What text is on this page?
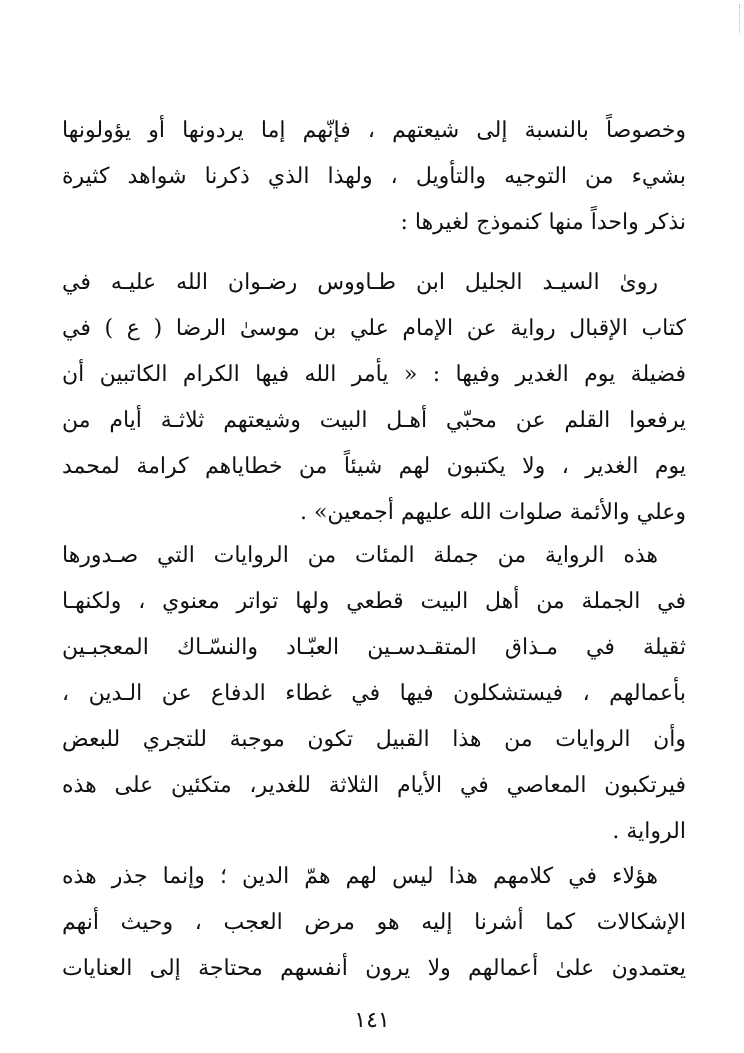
وخصوصاً بالنسبة إلى شيعتهم ، فإنّهم إما يردونها أو يؤولونها
بشيء من التوجيه والتأويل ، ولهذا الذي ذكرنا شواهد كثيرة
نذكر واحداً منها كنموذج لغيرها :
روىٰ السيـد الجليل ابن طـاووس رضـوان الله عليـه في
كتاب الإقبال رواية عن الإمام علي بن موسىٰ الرضا ( ع ) في
فضيلة يوم الغدير وفيها : « يأمر الله فيها الكرام الكاتبين أن
يرفعوا القلم عن محبّي أهـل البيت وشيعتهم ثلاثـة أيام من
يوم الغدير ، ولا يكتبون لهم شيئاً من خطاياهم كرامة لمحمد
وعلي والأئمة صلوات الله عليهم أجمعين» .
هذه الرواية من جملة المئات من الروايات التي صـدورها
في الجملة من أهل البيت قطعي ولها تواتر معنوي ، ولكنهـا
ثقيلة في مـذاق المتقـدسـين العبّـاد والنسّـاك المعجبـين
بأعمالهم ، فيستشكلون فيها في غطاء الدفاع عن الـدين ،
وأن الروايات من هذا القبيل تكون موجبة للتجري للبعض
فيرتكبون المعاصي في الأيام الثلاثة للغدير، متكئين على هذه
الرواية .
هؤلاء في كلامهم هذا ليس لهم همّ الدين ؛ وإنما جذر هذه
الإشكالات كما أشرنا إليه هو مرض العجب ، وحيث أنهم
يعتمدون علىٰ أعمالهم ولا يرون أنفسهم محتاجة إلى العنايات
١٤١
